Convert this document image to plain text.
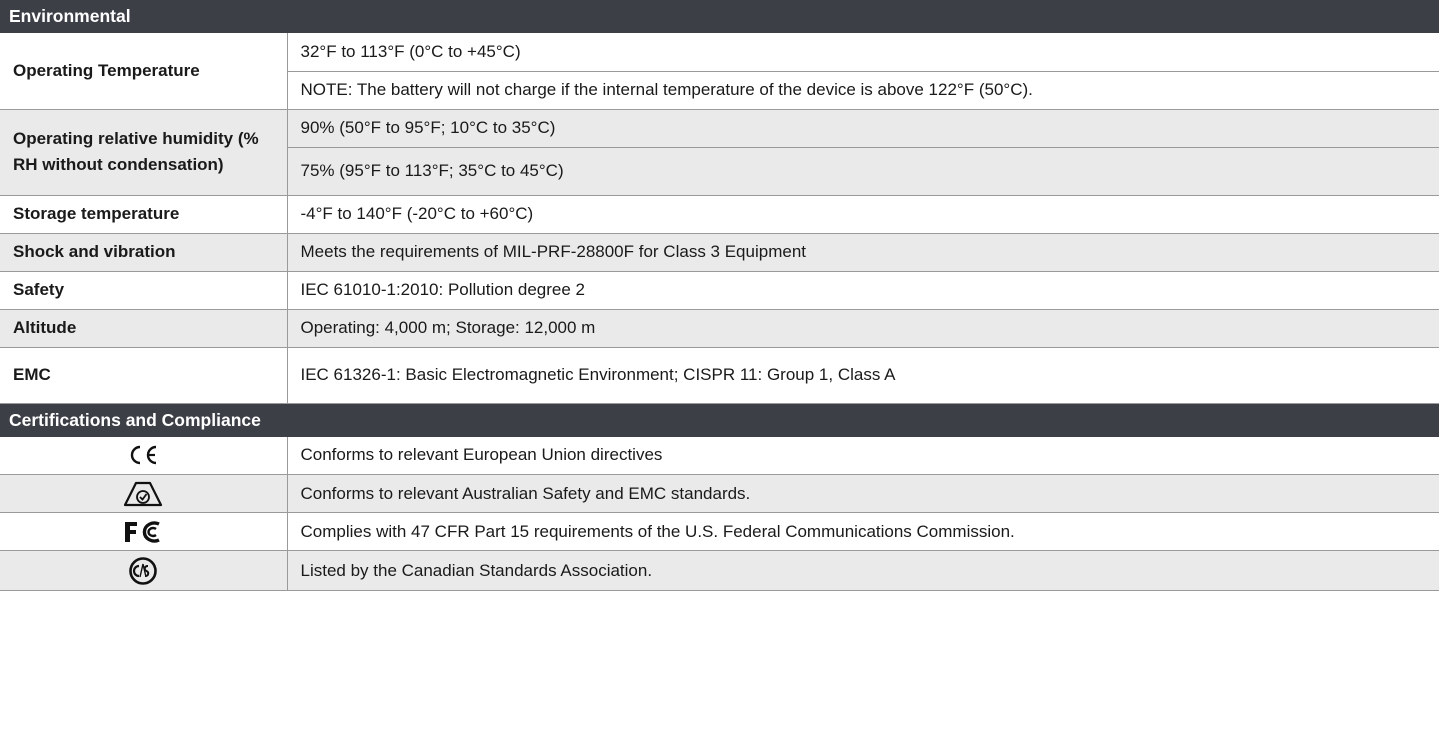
Environmental	

Operating Temperature	32°F to 113°F (0°C to +45°C)
	NOTE: The battery will not charge if the internal temperature of the device is above 122°F (50°C).

Operating relative humidity (% RH without condensation)	90% (50°F to 95°F; 10°C to 35°C)
	75% (95°F to 113°F; 35°C to 45°C)
Storage temperature	-4°F to 140°F (-20°C to +60°C)
Shock and vibration	Meets the requirements of MIL-PRF-28800F for Class 3 Equipment
Safety	IEC 61010-1:2010: Pollution degree 2
Altitude	Operating: 4,000 m; Storage: 12,000 m
EMC	IEC 61326-1: Basic Electromagnetic Environment; CISPR 11: Group 1, Class A
Certifications and Compliance	

	Conforms to relevant European Union directives

	Conforms to relevant Australian Safety and EMC standards.

	Complies with 47 CFR Part 15 requirements of the U.S. Federal Communications Commission.

	Listed by the Canadian Standards Association.
